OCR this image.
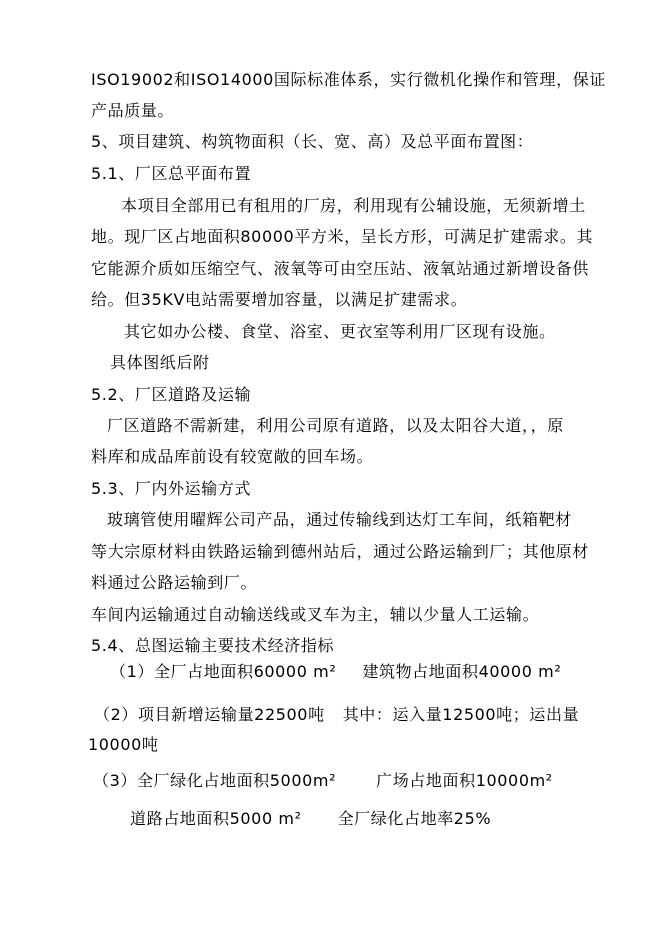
ISO19002和ISO14000国际标准体系，实行微机化操作和管理，保证
产品质量。
5、项目建筑、构筑物面积（长、宽、高）及总平面布置图：
5.1、厂区总平面布置
本项目全部用已有租用的厂房，利用现有公辅设施，无须新增土
地。现厂区占地面积80000平方米，呈长方形，可满足扩建需求。其
它能源介质如压缩空气、液氧等可由空压站、液氧站通过新增设备供
给。但35KV电站需要增加容量，以满足扩建需求。
其它如办公楼、食堂、浴室、更衣室等利用厂区现有设施。
具体图纸后附
5.2、厂区道路及运输
厂区道路不需新建，利用公司原有道路，以及太阳谷大道，，原
料库和成品库前设有较宽敞的回车场。
5.3、厂内外运输方式
玻璃管使用曜辉公司产品，通过传输线到达灯工车间，纸箱靶材
等大宗原材料由铁路运输到德州站后，通过公路运输到厂；其他原材
料通过公路运输到厂。
车间内运输通过自动输送线或叉车为主，辅以少量人工运输。
5.4、总图运输主要技术经济指标
（1）全厂占地面积60000 m² 建筑物占地面积40000 m²
（2）项目新增运输量22500吨 其中：运入量12500吨；运出量
10000吨
（3）全厂绿化占地面积5000m²	广场占地面积10000m²
道路占地面积5000 m² 全厂绿化占地率25%
